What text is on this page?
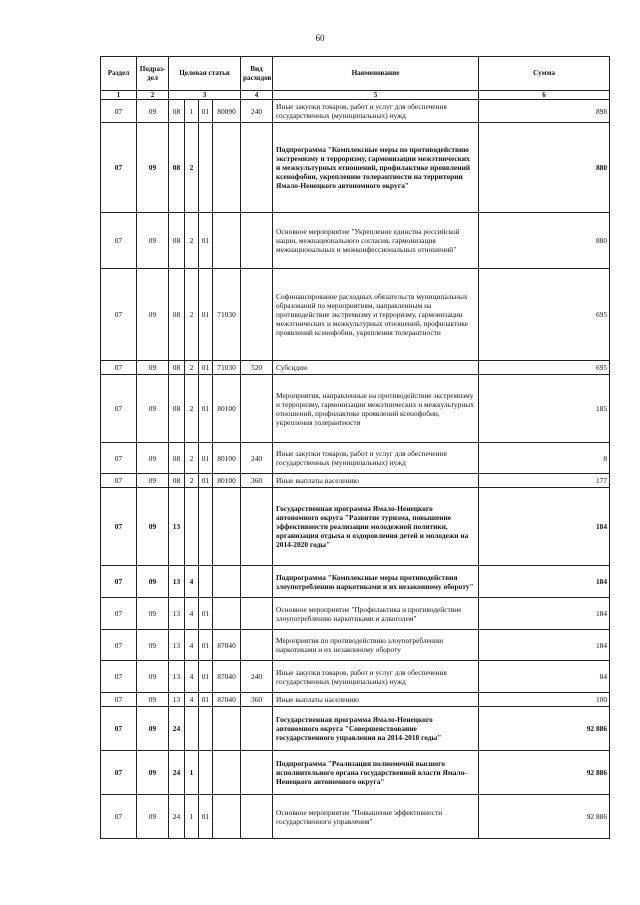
60
Раздел	Подраз-дел	Целевая статья				Вид расходов	Наименование	Сумма
1	2	3				4	5	6
07	09	08	1	01	80090	240	Иные закупки товаров, работ и услуг для обеспечения государственных (муниципальных) нужд	898
07	09	08	2				Подпрограмма "Комплексные меры по противодействию экстремизму и терроризму, гармонизации межэтнических и межкультурных отношений, профилактике проявлений ксенофобии, укреплению толерантности на территории Ямало-Ненецкого автономного округа"	880
07	09	08	2	01			Основное мероприятие "Укрепление единства российской нации, межнационального согласия, гармонизация межнациональных и межконфессиональных отношений"	880
07	09	08	2	01	71030		Софинансирование расходных обязательств муниципальных образований по мероприятиям, направленным на противодействие экстремизму и терроризму, гармонизации межэтнических и межкультурных отношений, профилактике проявлений ксенофобии, укрепления толерантности	695
07	09	08	2	01	71030	520	Субсидии	695
07	09	08	2	01	80100		Мероприятия, направленные на противодействие экстремизму и терроризму, гармонизации межэтнических и межкультурных отношений, профилактике проявлений ксенофобии, укрепления толерантности	185
07	09	08	2	01	80100	240	Иные закупки товаров, работ и услуг для обеспечения государственных (муниципальных) нужд	8
07	09	08	2	01	80100	360	Иные выплаты населению	177
07	09	13					Государственная программа Ямало-Ненецкого автономного округа "Развитие туризма, повышение эффективности реализации молодежной политики, организация отдыха и оздоровления детей и молодежи на 2014-2020 годы"	184
07	09	13	4				Подпрограмма "Комплексные меры противодействия злоупотреблению наркотиками и их незаконному обороту"	184
07	09	13	4	01			Основное мероприятие "Профилактика и противодействие злоупотреблению наркотиками и алкоголем"	184
07	09	13	4	01	87040		Мероприятия по противодействию злоупотреблению наркотиками и их незаконному обороту	184
07	09	13	4	01	87040	240	Иные закупки товаров, работ и услуг для обеспечения государственных (муниципальных) нужд	84
07	09	13	4	01	87040	360	Иные выплаты населению	100
07	09	24					Государственная программа Ямало-Ненецкого автономного округа "Совершенствование государственного управления на 2014-2018 годы"	92 886
07	09	24	1				Подпрограмма "Реализация полномочий высшего исполнительного органа государственной власти Ямало-Ненецкого автономного округа"	92 886
07	09	24	1	01			Основное мероприятие "Повышение эффективности государственного управления"	92 886
